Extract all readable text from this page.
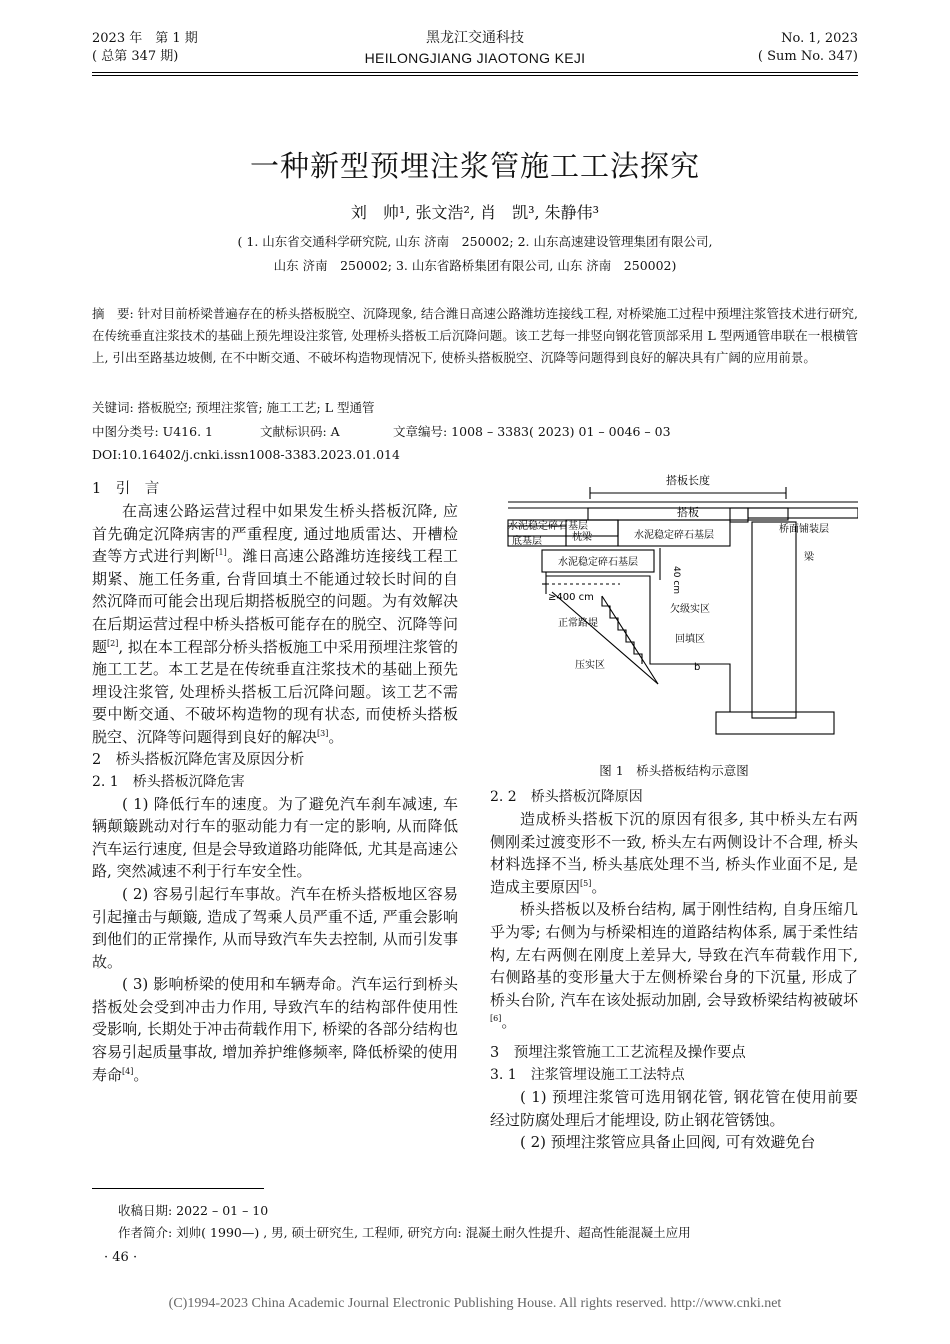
2023 年　第 1 期
( 总第 347 期)
黑龙江交通科技
HEILONGJIANG JIAOTONG KEJI
No. 1, 2023
( Sum No. 347)
一种新型预埋注浆管施工工法探究
刘　帅¹, 张文浩², 肖　凯³, 朱静伟³
( 1. 山东省交通科学研究院, 山东 济南　250002; 2. 山东高速建设管理集团有限公司,
山东 济南　250002; 3. 山东省路桥集团有限公司, 山东 济南　250002)
摘　要: 针对目前桥梁普遍存在的桥头搭板脱空、沉降现象, 结合潍日高速公路潍坊连接线工程, 对桥梁施工过程中预埋注浆管技术进行研究, 在传统垂直注浆技术的基础上预先埋设注浆管, 处理桥头搭板工后沉降问题。该工艺每一排竖向钢花管顶部采用 L 型两通管串联在一根横管上, 引出至路基边坡侧, 在不中断交通、不破坏构造物现情况下, 使桥头搭板脱空、沉降等问题得到良好的解决具有广阔的应用前景。
关键词: 搭板脱空; 预埋注浆管; 施工工艺; L 型通管
中图分类号: U416. 1	文献标识码: A	文章编号: 1008 – 3383( 2023) 01 – 0046 – 03
DOI:10.16402/j.cnki.issn1008-3383.2023.01.014

1　引　言

在高速公路运营过程中如果发生桥头搭板沉降, 应首先确定沉降病害的严重程度, 通过地质雷达、开槽检查等方式进行判断[1]。潍日高速公路潍坊连接线工程工期紧、施工任务重, 台背回填土不能通过较长时间的自然沉降而可能会出现后期搭板脱空的问题。为有效解决在后期运营过程中桥头搭板可能存在的脱空、沉降等问题[2], 拟在本工程部分桥头搭板施工中采用预埋注浆管的施工工艺。本工艺是在传统垂直注浆技术的基础上预先埋设注浆管, 处理桥头搭板工后沉降问题。该工艺不需要中断交通、不破坏构造物的现有状态, 而使桥头搭板脱空、沉降等问题得到良好的解决[3]。

2　桥头搭板沉降危害及原因分析

2. 1　桥头搭板沉降危害

( 1) 降低行车的速度。为了避免汽车刹车减速, 车辆颠簸跳动对行车的驱动能力有一定的影响, 从而降低汽车运行速度, 但是会导致道路功能降低, 尤其是高速公路, 突然减速不利于行车安全性。

( 2) 容易引起行车事故。汽车在桥头搭板地区容易引起撞击与颠簸, 造成了驾乘人员严重不适, 严重会影响到他们的正常操作, 从而导致汽车失去控制, 从而引发事故。

( 3) 影响桥梁的使用和车辆寿命。汽车运行到桥头搭板处会受到冲击力作用, 导致汽车的结构部件使用性受影响, 长期处于冲击荷载作用下, 桥梁的各部分结构也容易引起质量事故, 增加养护维修频率, 降低桥梁的使用寿命[4]。

搭板长度
搭板
水泥稳定碎石基层
底基层	枕梁	水泥稳定碎石基层
水泥稳定碎石基层
桥面铺装层
梁
40 cm
≥400 cm
正常路堤
欠级实区
回填区
压实区	b
图 1　桥头搭板结构示意图

2. 2　桥头搭板沉降原因

造成桥头搭板下沉的原因有很多, 其中桥头左右两侧刚柔过渡变形不一致, 桥头左右两侧设计不合理, 桥头材料选择不当, 桥头基底处理不当, 桥头作业面不足, 是造成主要原因[5]。

桥头搭板以及桥台结构, 属于刚性结构, 自身压缩几乎为零; 右侧为与桥梁相连的道路结构体系, 属于柔性结构, 左右两侧在刚度上差异大, 导致在汽车荷载作用下, 右侧路基的变形量大于左侧桥梁台身的下沉量, 形成了桥头台阶, 汽车在该处振动加剧, 会导致桥梁结构被破坏[6]。

3　预埋注浆管施工工艺流程及操作要点

3. 1　注浆管埋设施工工法特点

( 1) 预埋注浆管可选用钢花管, 钢花管在使用前要经过防腐处理后才能埋设, 防止钢花管锈蚀。

( 2) 预埋注浆管应具备止回阀, 可有效避免台

收稿日期: 2022 – 01 – 10
作者简介: 刘帅( 1990—) , 男, 硕士研究生, 工程师, 研究方向: 混凝土耐久性提升、超高性能混凝土应用
· 46 ·
(C)1994-2023 China Academic Journal Electronic Publishing House. All rights reserved. http://www.cnki.net
